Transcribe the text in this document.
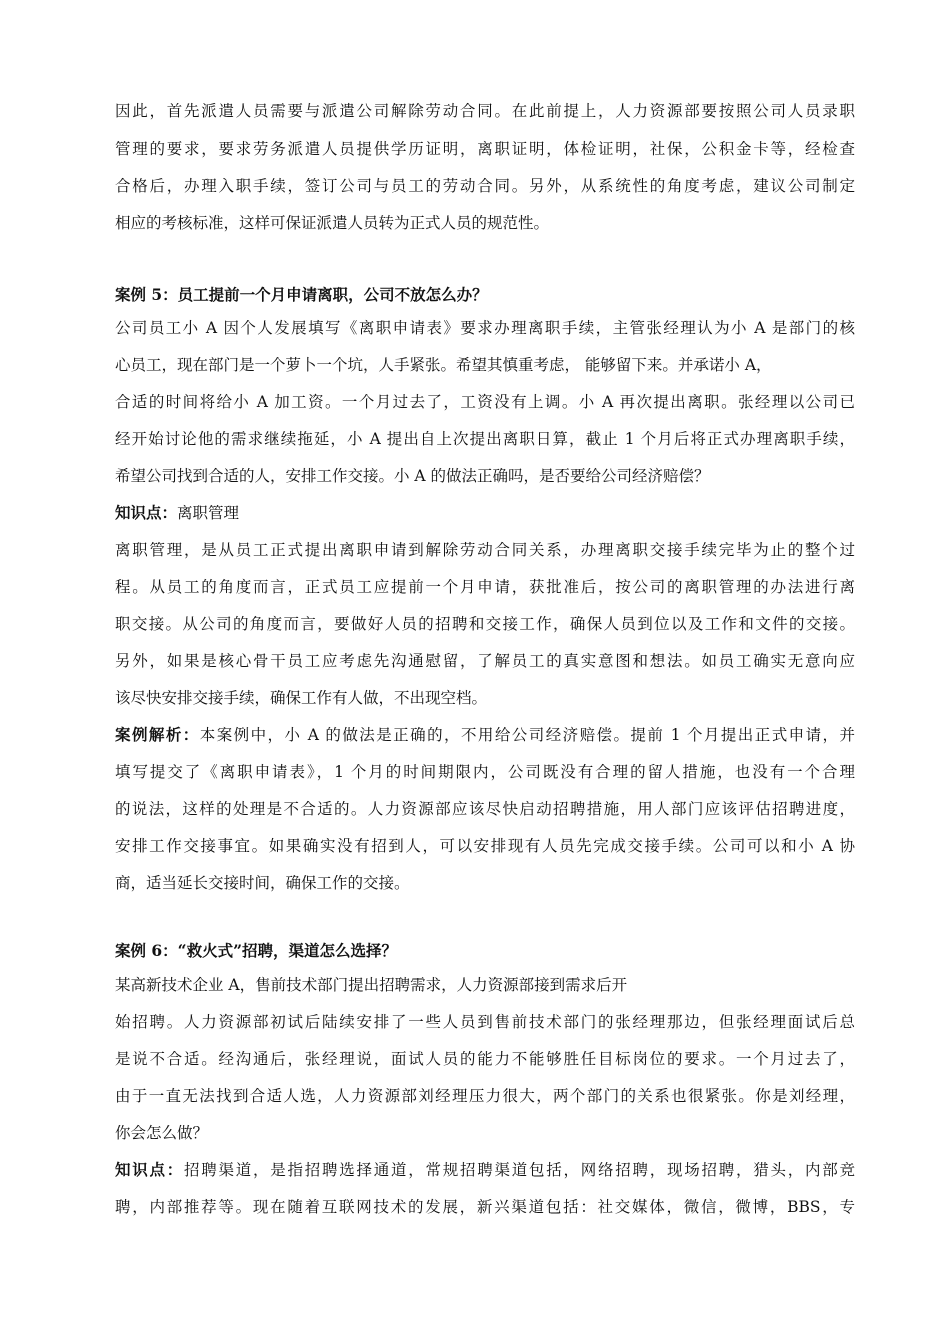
因此，首先派遣人员需要与派遣公司解除劳动合同。在此前提上，人力资源部要按照公司人员录职
管理的要求，要求劳务派遣人员提供学历证明，离职证明，体检证明，社保，公积金卡等，经检查
合格后，办理入职手续，签订公司与员工的劳动合同。另外，从系统性的角度考虑，建议公司制定
相应的考核标准，这样可保证派遣人员转为正式人员的规范性。
案例 5：员工提前一个月申请离职，公司不放怎么办？
公司员工小 A 因个人发展填写《离职申请表》要求办理离职手续，主管张经理认为小 A 是部门的核
心员工，现在部门是一个萝卜一个坑，人手紧张。希望其慎重考虑， 能够留下来。并承诺小 A，
合适的时间将给小 A 加工资。一个月过去了，工资没有上调。小 A 再次提出离职。张经理以公司已
经开始讨论他的需求继续拖延，小 A 提出自上次提出离职日算，截止 1 个月后将正式办理离职手续，
希望公司找到合适的人，安排工作交接。小 A 的做法正确吗，是否要给公司经济赔偿？
知识点：离职管理
离职管理，是从员工正式提出离职申请到解除劳动合同关系，办理离职交接手续完毕为止的整个过
程。从员工的角度而言，正式员工应提前一个月申请，获批准后，按公司的离职管理的办法进行离
职交接。从公司的角度而言，要做好人员的招聘和交接工作，确保人员到位以及工作和文件的交接。
另外，如果是核心骨干员工应考虑先沟通慰留，了解员工的真实意图和想法。如员工确实无意向应
该尽快安排交接手续，确保工作有人做，不出现空档。
案例解析：本案例中，小 A 的做法是正确的，不用给公司经济赔偿。提前 1 个月提出正式申请，并
填写提交了《离职申请表》，1 个月的时间期限内，公司既没有合理的留人措施，也没有一个合理
的说法，这样的处理是不合适的。人力资源部应该尽快启动招聘措施，用人部门应该评估招聘进度，
安排工作交接事宜。如果确实没有招到人，可以安排现有人员先完成交接手续。公司可以和小 A 协
商，适当延长交接时间，确保工作的交接。
案例 6：“救火式”招聘，渠道怎么选择？
某高新技术企业 A，售前技术部门提出招聘需求，人力资源部接到需求后开
始招聘。人力资源部初试后陆续安排了一些人员到售前技术部门的张经理那边，但张经理面试后总
是说不合适。经沟通后，张经理说，面试人员的能力不能够胜任目标岗位的要求。一个月过去了，
由于一直无法找到合适人选，人力资源部刘经理压力很大，两个部门的关系也很紧张。你是刘经理，
你会怎么做？
知识点：招聘渠道，是指招聘选择通道，常规招聘渠道包括，网络招聘，现场招聘，猎头，内部竞
聘，内部推荐等。现在随着互联网技术的发展，新兴渠道包括：社交媒体，微信，微博，BBS，专
